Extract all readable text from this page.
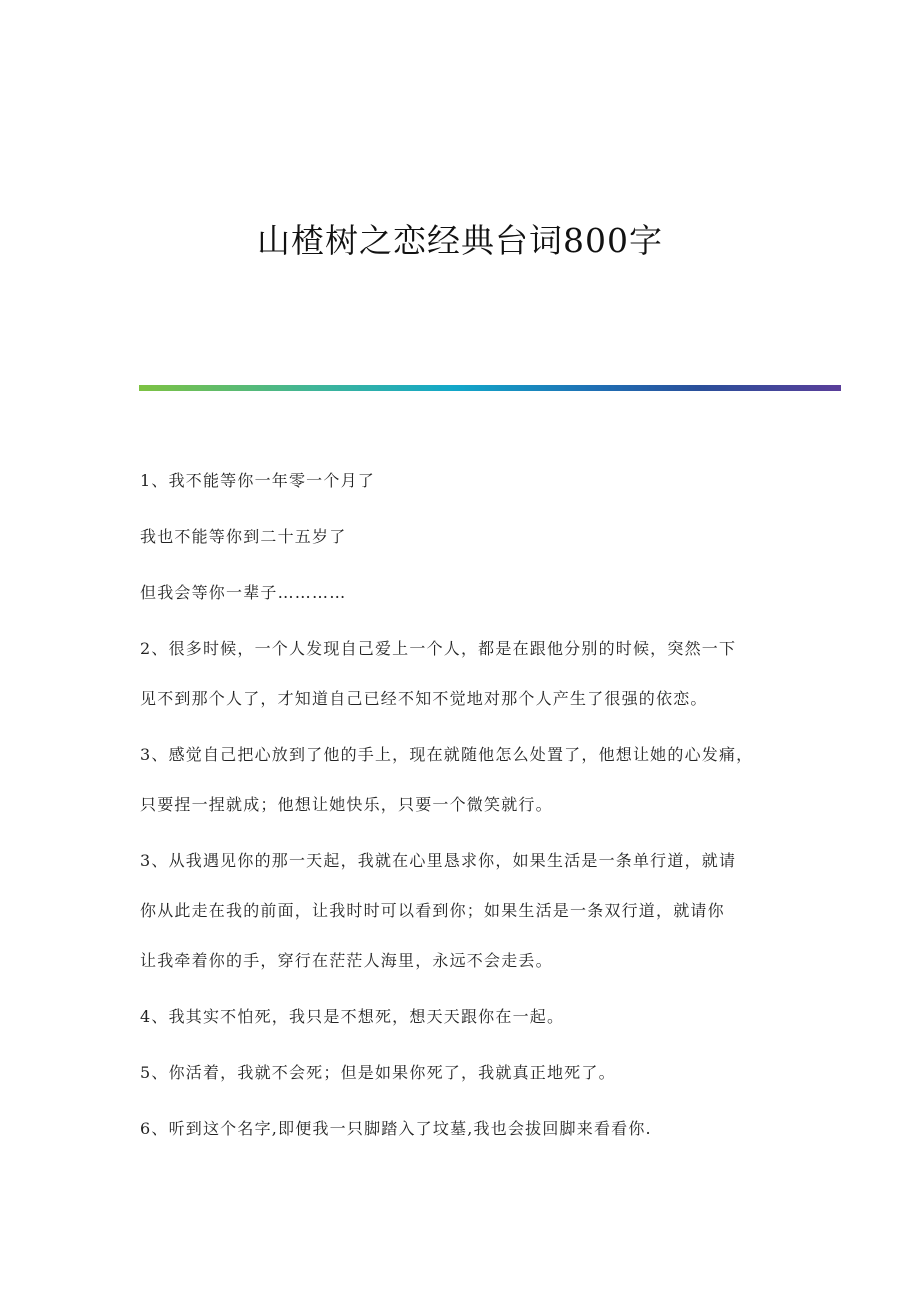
山楂树之恋经典台词800字
1、我不能等你一年零一个月了
我也不能等你到二十五岁了
但我会等你一辈子…………
2、很多时候，一个人发现自己爱上一个人，都是在跟他分别的时候，突然一下
见不到那个人了，才知道自己已经不知不觉地对那个人产生了很强的依恋。
3、感觉自己把心放到了他的手上，现在就随他怎么处置了，他想让她的心发痛，
只要捏一捏就成；他想让她快乐，只要一个微笑就行。
3、从我遇见你的那一天起，我就在心里恳求你，如果生活是一条单行道，就请
你从此走在我的前面，让我时时可以看到你；如果生活是一条双行道，就请你
让我牵着你的手，穿行在茫茫人海里，永远不会走丢。
4、我其实不怕死，我只是不想死，想天天跟你在一起。
5、你活着，我就不会死；但是如果你死了，我就真正地死了。
6、听到这个名字,即便我一只脚踏入了坟墓,我也会拔回脚来看看你.
